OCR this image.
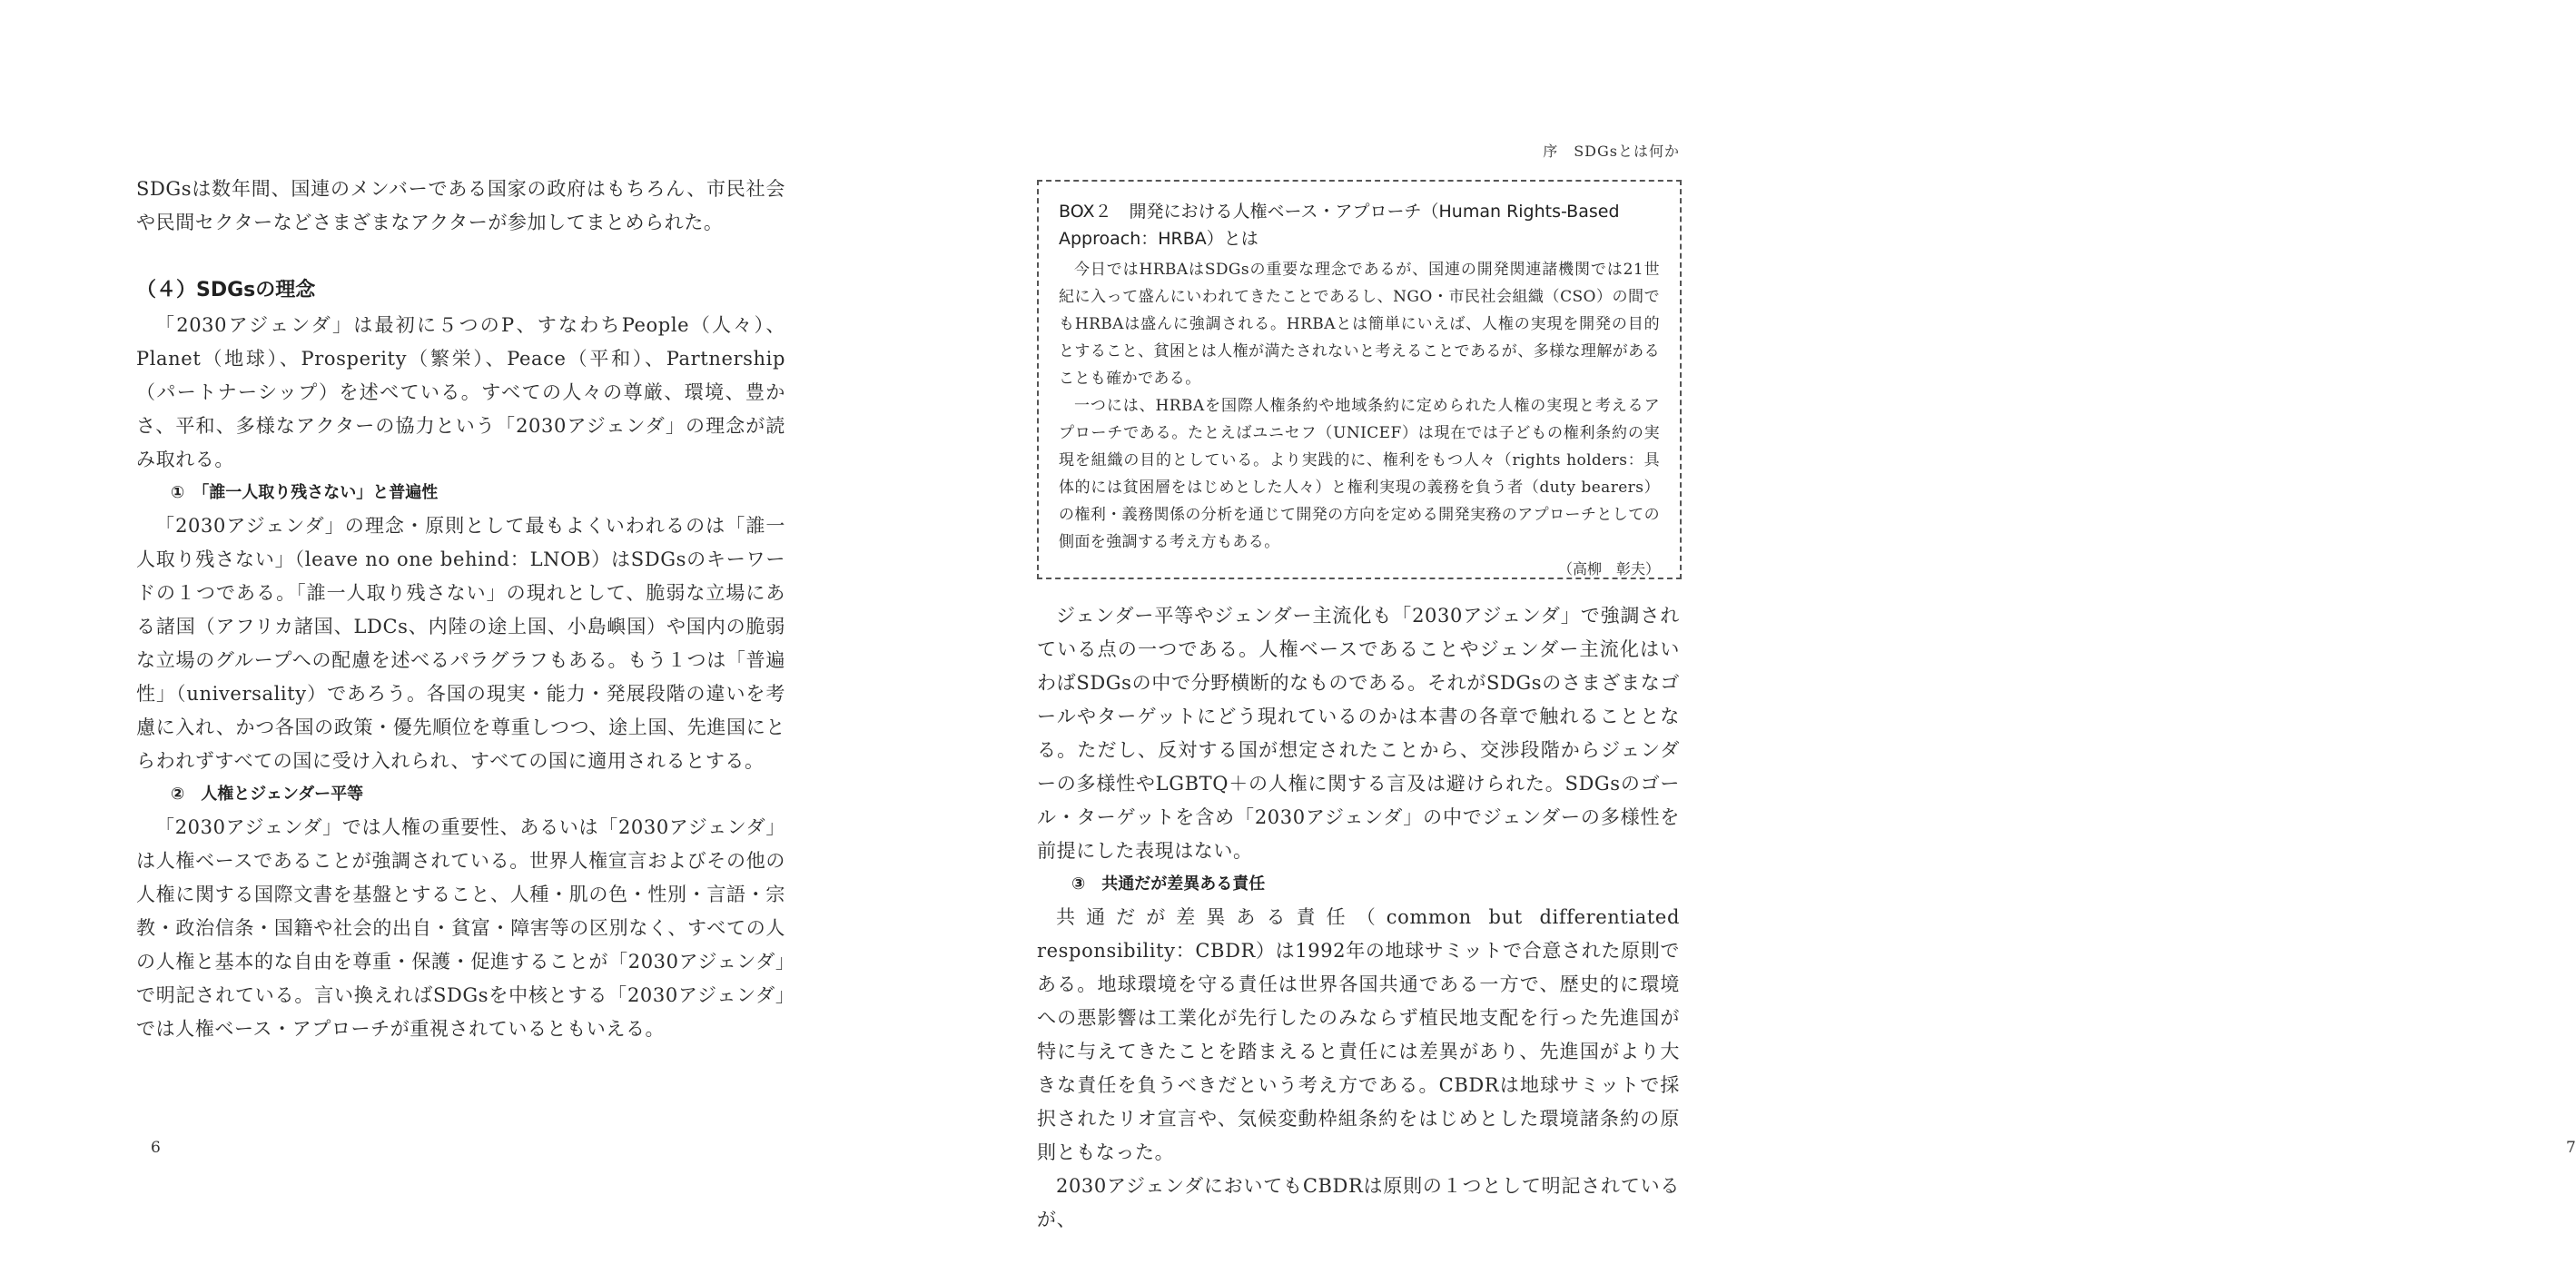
SDGsは数年間、国連のメンバーである国家の政府はもちろん、市民社会や民間セクターなどさまざまなアクターが参加してまとめられた。

（４）SDGsの理念

「2030アジェンダ」は最初に５つのP、すなわちPeople（人々）、Planet（地球）、Prosperity（繁栄）、Peace（平和）、Partnership（パートナーシップ）を述べている。すべての人々の尊厳、環境、豊かさ、平和、多様なアクターの協力という「2030アジェンダ」の理念が読み取れる。

①　「誰一人取り残さない」と普遍性

「2030アジェンダ」の理念・原則として最もよくいわれるのは「誰一人取り残さない」（leave no one behind：LNOB）はSDGsのキーワードの１つである。「誰一人取り残さない」の現れとして、脆弱な立場にある諸国（アフリカ諸国、LDCs、内陸の途上国、小島嶼国）や国内の脆弱な立場のグループへの配慮を述べるパラグラフもある。もう１つは「普遍性」（universality）であろう。各国の現実・能力・発展段階の違いを考慮に入れ、かつ各国の政策・優先順位を尊重しつつ、途上国、先進国にとらわれずすべての国に受け入れられ、すべての国に適用されるとする。

②　人権とジェンダー平等

「2030アジェンダ」では人権の重要性、あるいは「2030アジェンダ」は人権ベースであることが強調されている。世界人権宣言およびその他の人権に関する国際文書を基盤とすること、人種・肌の色・性別・言語・宗教・政治信条・国籍や社会的出自・貧富・障害等の区別なく、すべての人の人権と基本的な自由を尊重・保護・促進することが「2030アジェンダ」で明記されている。言い換えればSDGsを中核とする「2030アジェンダ」では人権ベース・アプローチが重視されているともいえる。

6
序　SDGsとは何か
7

BOX２　開発における人権ベース・アプローチ（Human Rights-Based Approach：HRBA）とは

今日ではHRBAはSDGsの重要な理念であるが、国連の開発関連諸機関では21世紀に入って盛んにいわれてきたことであるし、NGO・市民社会組織（CSO）の間でもHRBAは盛んに強調される。HRBAとは簡単にいえば、人権の実現を開発の目的とすること、貧困とは人権が満たされないと考えることであるが、多様な理解があることも確かである。

一つには、HRBAを国際人権条約や地域条約に定められた人権の実現と考えるアプローチである。たとえばユニセフ（UNICEF）は現在では子どもの権利条約の実現を組織の目的としている。より実践的に、権利をもつ人々（rights holders：具体的には貧困層をはじめとした人々）と権利実現の義務を負う者（duty bearers）の権利・義務関係の分析を通じて開発の方向を定める開発実務のアプローチとしての側面を強調する考え方もある。

（高柳　彰夫）

ジェンダー平等やジェンダー主流化も「2030アジェンダ」で強調されている点の一つである。人権ベースであることやジェンダー主流化はいわばSDGsの中で分野横断的なものである。それがSDGsのさまざまなゴールやターゲットにどう現れているのかは本書の各章で触れることとなる。ただし、反対する国が想定されたことから、交渉段階からジェンダーの多様性やLGBTQ＋の人権に関する言及は避けられた。SDGsのゴール・ターゲットを含め「2030アジェンダ」の中でジェンダーの多様性を前提にした表現はない。

③　共通だが差異ある責任

共通だが差異ある責任（common but differentiated responsibility：CBDR）は1992年の地球サミットで合意された原則である。地球環境を守る責任は世界各国共通である一方で、歴史的に環境への悪影響は工業化が先行したのみならず植民地支配を行った先進国が特に与えてきたことを踏まえると責任には差異があり、先進国がより大きな責任を負うべきだという考え方である。CBDRは地球サミットで採択されたリオ宣言や、気候変動枠組条約をはじめとした環境諸条約の原則ともなった。

2030アジェンダにおいてもCBDRは原則の１つとして明記されているが、
